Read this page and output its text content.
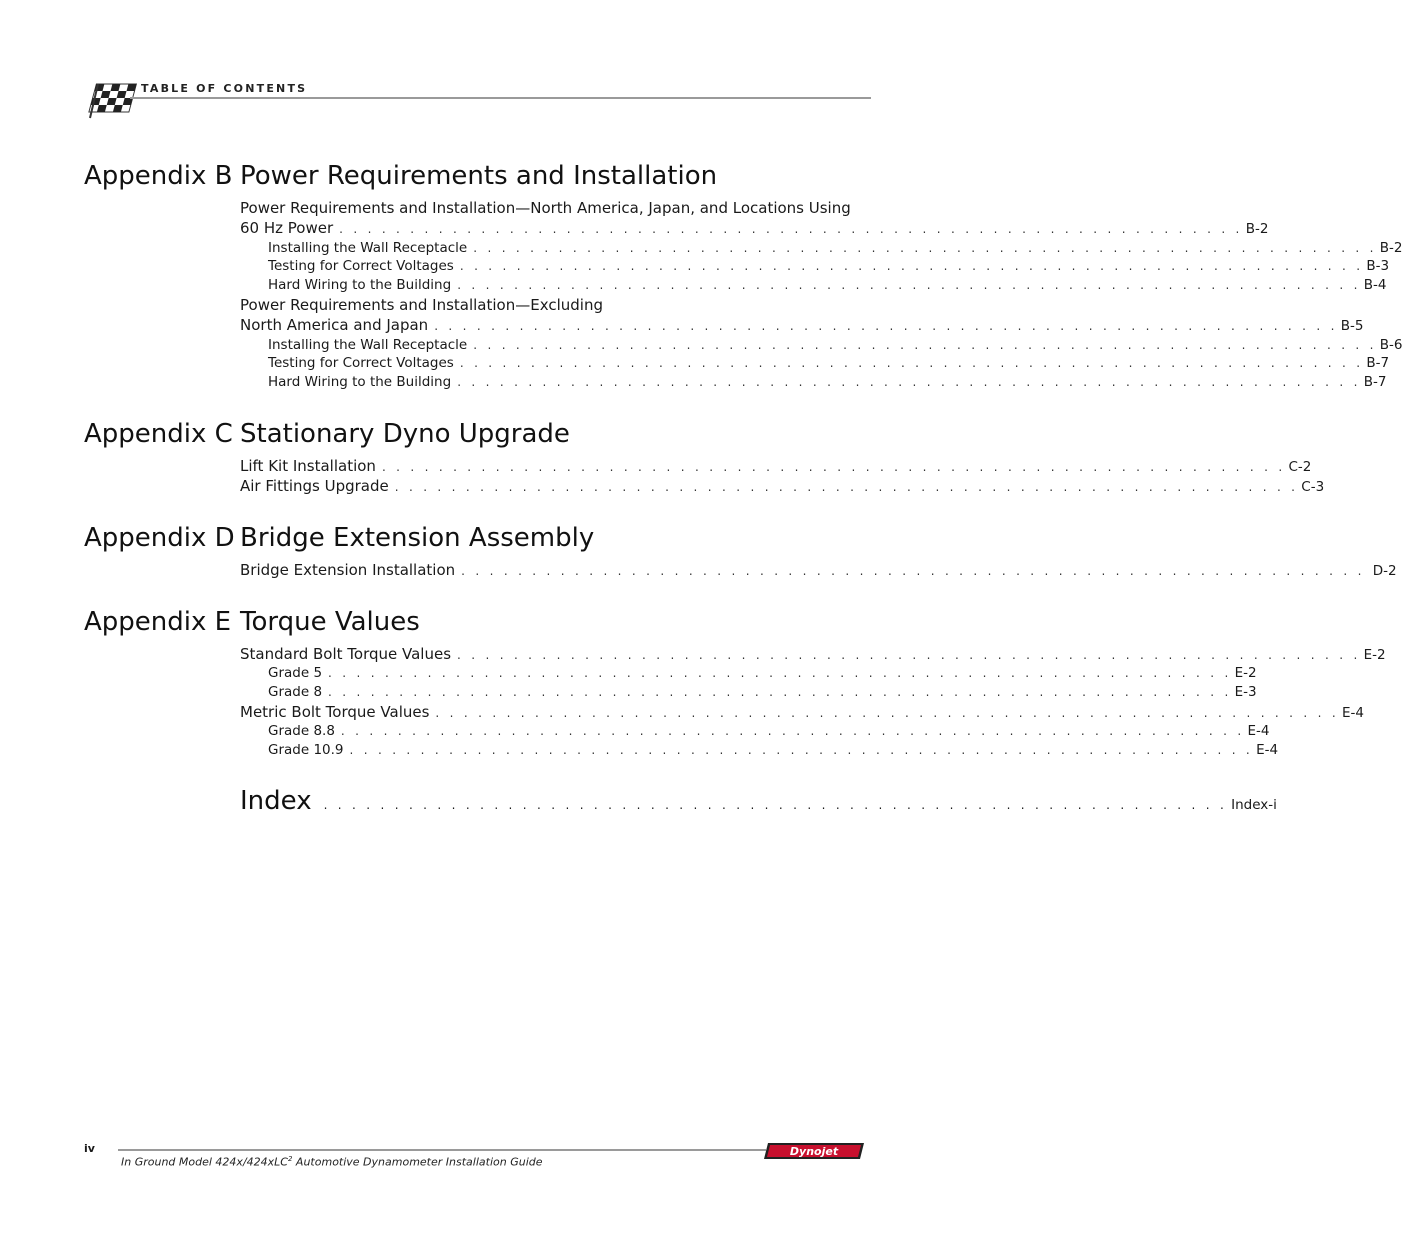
TABLE OF CONTENTS
Appendix B Power Requirements and Installation
Power Requirements and Installation—North America, Japan, and Locations Using
60 Hz Power . . . . . . . . . . . . . . . . . . . . . . . . . . . . . . . . . . . . . . . . . . . . . . . . . . . . . . . . . . . . . . . . B-2
Installing the Wall Receptacle . . . . . . . . . . . . . . . . . . . . . . . . . . . . . . . . . . . . . . . . . . . . . . . . . . . . . . . . . . . . . . . . B-2
Testing for Correct Voltages . . . . . . . . . . . . . . . . . . . . . . . . . . . . . . . . . . . . . . . . . . . . . . . . . . . . . . . . . . . . . . . . B-3
Hard Wiring to the Building . . . . . . . . . . . . . . . . . . . . . . . . . . . . . . . . . . . . . . . . . . . . . . . . . . . . . . . . . . . . . . . . B-4
Power Requirements and Installation—Excluding
North America and Japan . . . . . . . . . . . . . . . . . . . . . . . . . . . . . . . . . . . . . . . . . . . . . . . . . . . . . . . . . . . . . . . . B-5
Installing the Wall Receptacle . . . . . . . . . . . . . . . . . . . . . . . . . . . . . . . . . . . . . . . . . . . . . . . . . . . . . . . . . . . . . . . . B-6
Testing for Correct Voltages . . . . . . . . . . . . . . . . . . . . . . . . . . . . . . . . . . . . . . . . . . . . . . . . . . . . . . . . . . . . . . . . B-7
Hard Wiring to the Building . . . . . . . . . . . . . . . . . . . . . . . . . . . . . . . . . . . . . . . . . . . . . . . . . . . . . . . . . . . . . . . . B-7
Appendix C Stationary Dyno Upgrade
Lift Kit Installation . . . . . . . . . . . . . . . . . . . . . . . . . . . . . . . . . . . . . . . . . . . . . . . . . . . . . . . . . . . . . . . . C-2
Air Fittings Upgrade . . . . . . . . . . . . . . . . . . . . . . . . . . . . . . . . . . . . . . . . . . . . . . . . . . . . . . . . . . . . . . . . C-3
Appendix D Bridge Extension Assembly
Bridge Extension Installation . . . . . . . . . . . . . . . . . . . . . . . . . . . . . . . . . . . . . . . . . . . . . . . . . . . . . . . . . . . . . . . . D-2
Appendix E Torque Values
Standard Bolt Torque Values . . . . . . . . . . . . . . . . . . . . . . . . . . . . . . . . . . . . . . . . . . . . . . . . . . . . . . . . . . . . . . . . E-2
Grade 5 . . . . . . . . . . . . . . . . . . . . . . . . . . . . . . . . . . . . . . . . . . . . . . . . . . . . . . . . . . . . . . . . E-2
Grade 8 . . . . . . . . . . . . . . . . . . . . . . . . . . . . . . . . . . . . . . . . . . . . . . . . . . . . . . . . . . . . . . . . E-3
Metric Bolt Torque Values . . . . . . . . . . . . . . . . . . . . . . . . . . . . . . . . . . . . . . . . . . . . . . . . . . . . . . . . . . . . . . . . E-4
Grade 8.8 . . . . . . . . . . . . . . . . . . . . . . . . . . . . . . . . . . . . . . . . . . . . . . . . . . . . . . . . . . . . . . . . E-4
Grade 10.9 . . . . . . . . . . . . . . . . . . . . . . . . . . . . . . . . . . . . . . . . . . . . . . . . . . . . . . . . . . . . . . . . E-4
Index . . . . . . . . . . . . . . . . . . . . . . . . . . . . . . . . . . . . . . . . . . . . . . . . . . . . . . . . . . . . . . . . Index-i
iv
In Ground Model 424x/424xLC$^2$ Automotive Dynamometer Installation Guide
Dynojet
